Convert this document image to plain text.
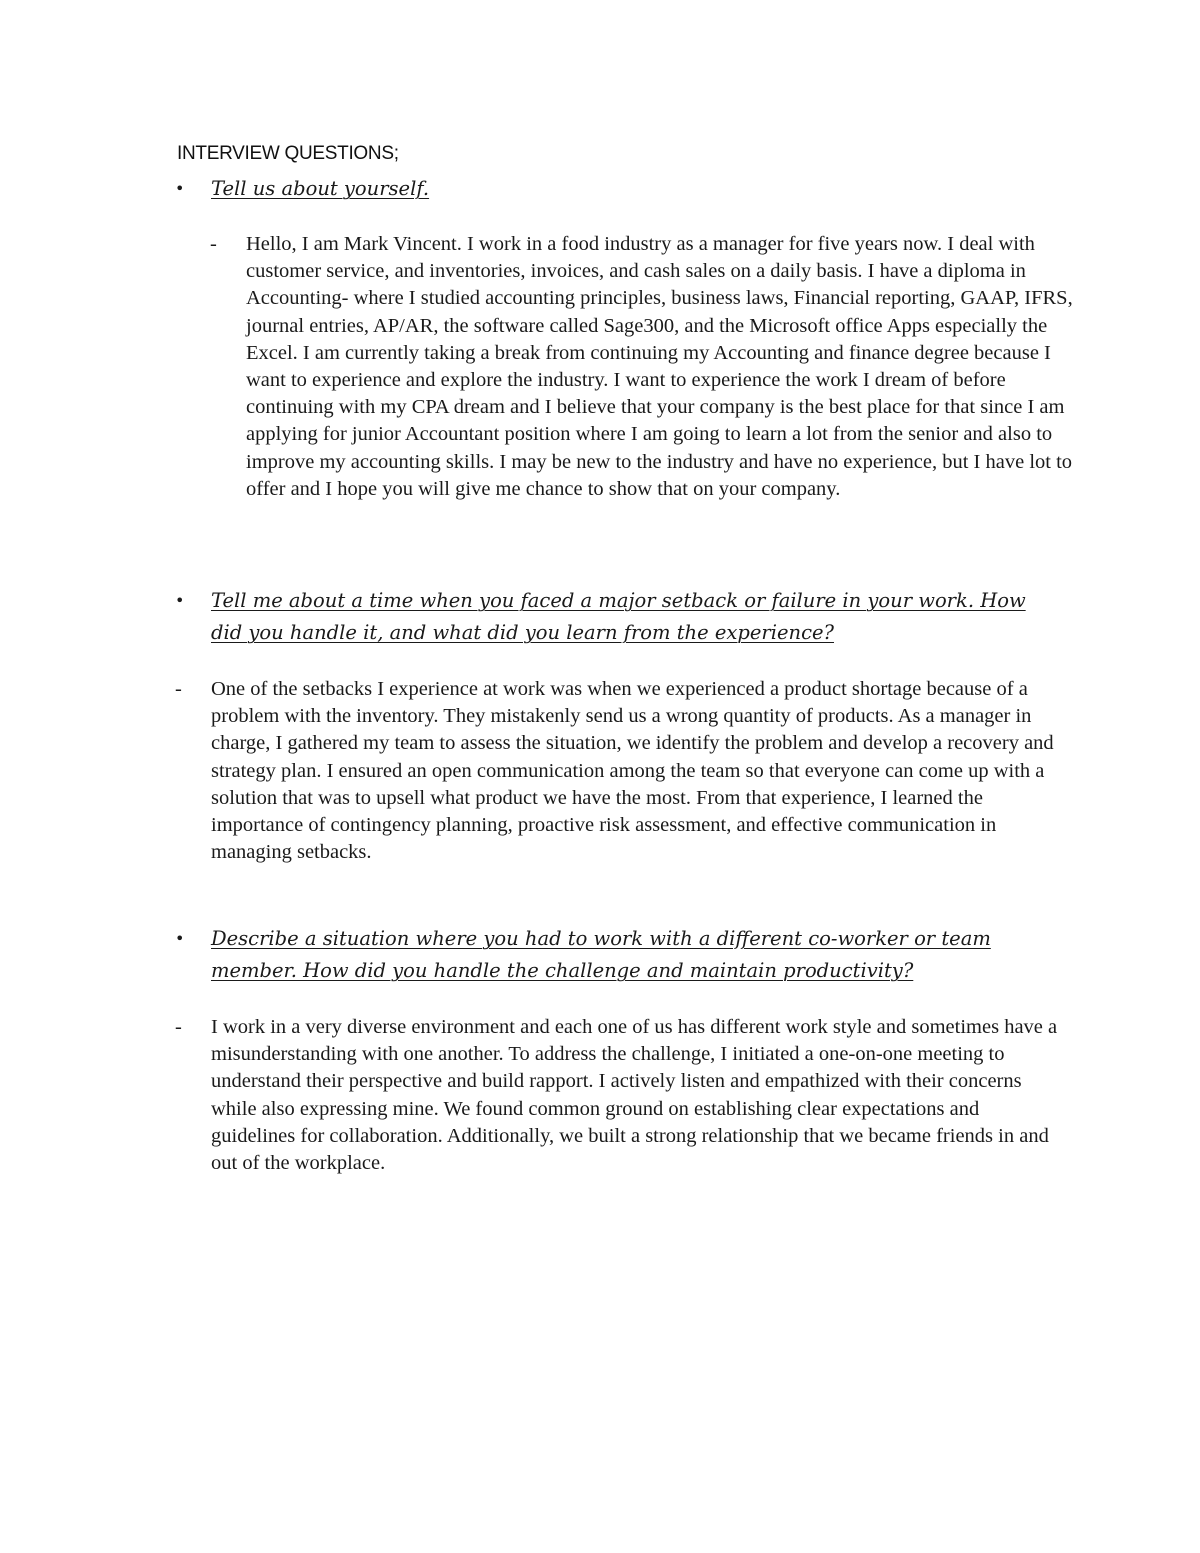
INTERVIEW QUESTIONS;
• Tell us about yourself.
- Hello, I am Mark Vincent. I work in a food industry as a manager for five years now. I deal with customer service, and inventories, invoices, and cash sales on a daily basis. I have a diploma in Accounting- where I studied accounting principles, business laws, Financial reporting, GAAP, IFRS, journal entries, AP/AR, the software called Sage300, and the Microsoft office Apps especially the Excel. I am currently taking a break from continuing my Accounting and finance degree because I want to experience and explore the industry. I want to experience the work I dream of before continuing with my CPA dream and I believe that your company is the best place for that since I am applying for junior Accountant position where I am going to learn a lot from the senior and also to improve my accounting skills. I may be new to the industry and have no experience, but I have lot to offer and I hope you will give me chance to show that on your company.
• Tell me about a time when you faced a major setback or failure in your work. How did you handle it, and what did you learn from the experience?
- One of the setbacks I experience at work was when we experienced a product shortage because of a problem with the inventory. They mistakenly send us a wrong quantity of products. As a manager in charge, I gathered my team to assess the situation, we identify the problem and develop a recovery and strategy plan. I ensured an open communication among the team so that everyone can come up with a solution that was to upsell what product we have the most. From that experience, I learned the importance of contingency planning, proactive risk assessment, and effective communication in managing setbacks.
• Describe a situation where you had to work with a different co-worker or team member. How did you handle the challenge and maintain productivity?
- I work in a very diverse environment and each one of us has different work style and sometimes have a misunderstanding with one another. To address the challenge, I initiated a one-on-one meeting to understand their perspective and build rapport. I actively listen and empathized with their concerns while also expressing mine. We found common ground on establishing clear expectations and guidelines for collaboration. Additionally, we built a strong relationship that we became friends in and out of the workplace.
